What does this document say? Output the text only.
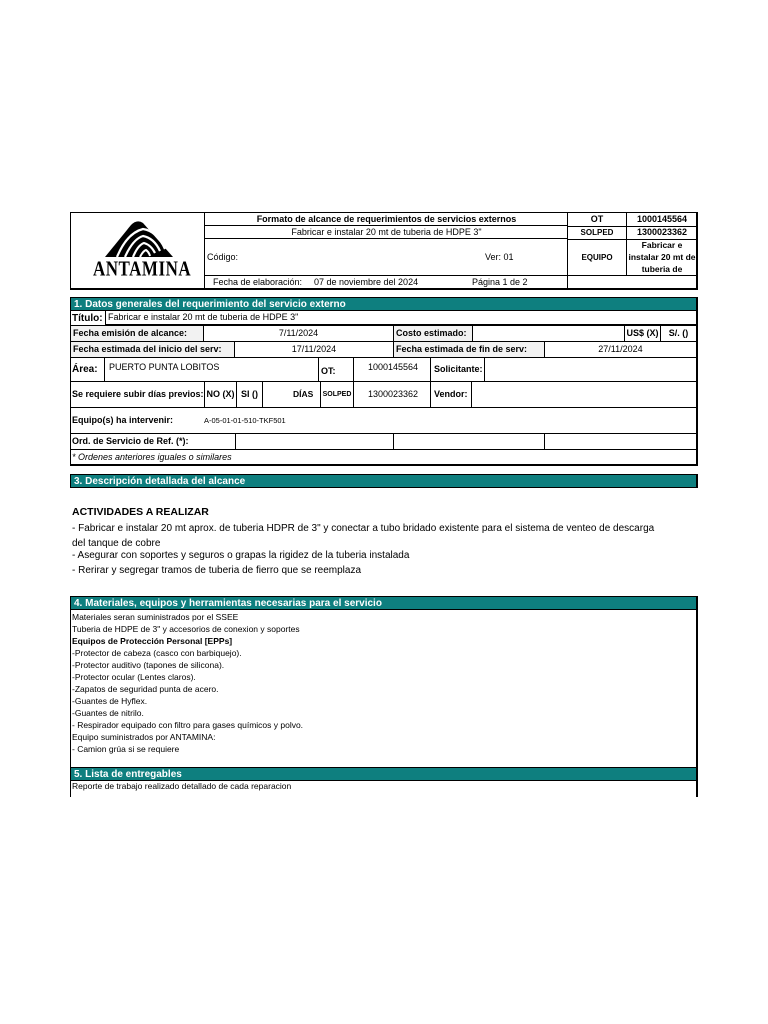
ANTAMINA
Formato de alcance de requerimientos de servicios externos
Fabricar e instalar 20 mt de tuberia de HDPE 3"
Código:	Ver: 01
Fecha de elaboración:	07 de noviembre del 2024	Página 1 de 2
OT	1000145564
SOLPED	1300023362
EQUIPO
Fabricar e instalar 20 mt de tuberia de
1. Datos generales del requerimiento del servicio externo
Título: Fabricar e instalar 20 mt de tuberia de HDPE 3"
Fecha emisión de alcance:	7/11/2024	Costo estimado:	US$ (X)	S/. ()
Fecha estimada del inicio del serv:	17/11/2024	Fecha estimada de fin de serv:	27/11/2024
Área:	PUERTO PUNTA LOBITOS	OT:	1000145564	Solicitante:
Se requiere subir días previos: NO (X) SI ()	DÍAS	SOLPED	1300023362	Vendor:
Equipo(s) ha intervenir:	A-05-01-01-510-TKF501
Ord. de Servicio de Ref. (*):
* Ordenes anteriores iguales o similares
3. Descripción detallada del alcance
ACTIVIDADES A REALIZAR
- Fabricar e instalar 20 mt aprox. de tuberia HDPR de 3" y conectar a tubo bridado existente para el sistema de venteo de descarga
del tanque de cobre
- Asegurar con soportes y seguros o grapas la rigidez de la tuberia instalada
- Rerirar y segregar tramos de tuberia de fierro que se reemplaza
4. Materiales, equipos y herramientas necesarias para el servicio
Materiales seran suministrados por el SSEE
Tuberia de HDPE de 3" y accesorios de conexion y soportes
Equipos de Protección Personal [EPPs]
-Protector de cabeza (casco con barbiquejo).
-Protector auditivo (tapones de silicona).
-Protector ocular (Lentes claros).
-Zapatos de seguridad punta de acero.
-Guantes de Hyflex.
-Guantes de nitrilo.
- Respirador equipado con filtro para gases químicos y polvo.
Equipo suministrados por ANTAMINA:
- Camion grúa si se requiere
5. Lista de entregables
Reporte de trabajo realizado detallado de cada reparacion
